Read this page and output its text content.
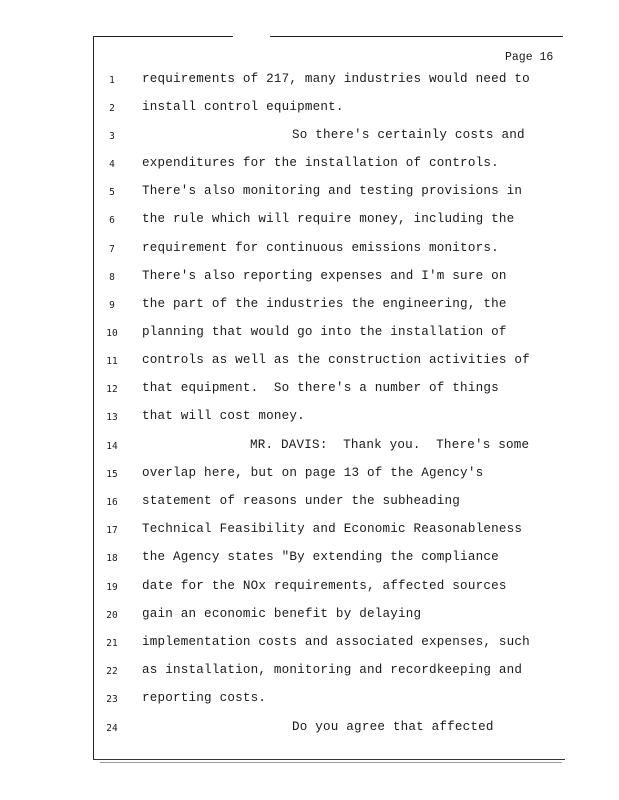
Page 16
1	requirements of 217, many industries would need to
2	install control equipment.
3	So there's certainly costs and
4	expenditures for the installation of controls.
5	There's also monitoring and testing provisions in
6	the rule which will require money, including the
7	requirement for continuous emissions monitors.
8	There's also reporting expenses and I'm sure on
9	the part of the industries the engineering, the
10 planning that would go into the installation of
11 controls as well as the construction activities of
12 that equipment.  So there's a number of things
13 that will cost money.
14	MR. DAVIS:  Thank you.  There's some
15 overlap here, but on page 13 of the Agency's
16 statement of reasons under the subheading
17 Technical Feasibility and Economic Reasonableness
18 the Agency states "By extending the compliance
19 date for the NOx requirements, affected sources
20 gain an economic benefit by delaying
21 implementation costs and associated expenses, such
22 as installation, monitoring and recordkeeping and
23 reporting costs.
24	Do you agree that affected
